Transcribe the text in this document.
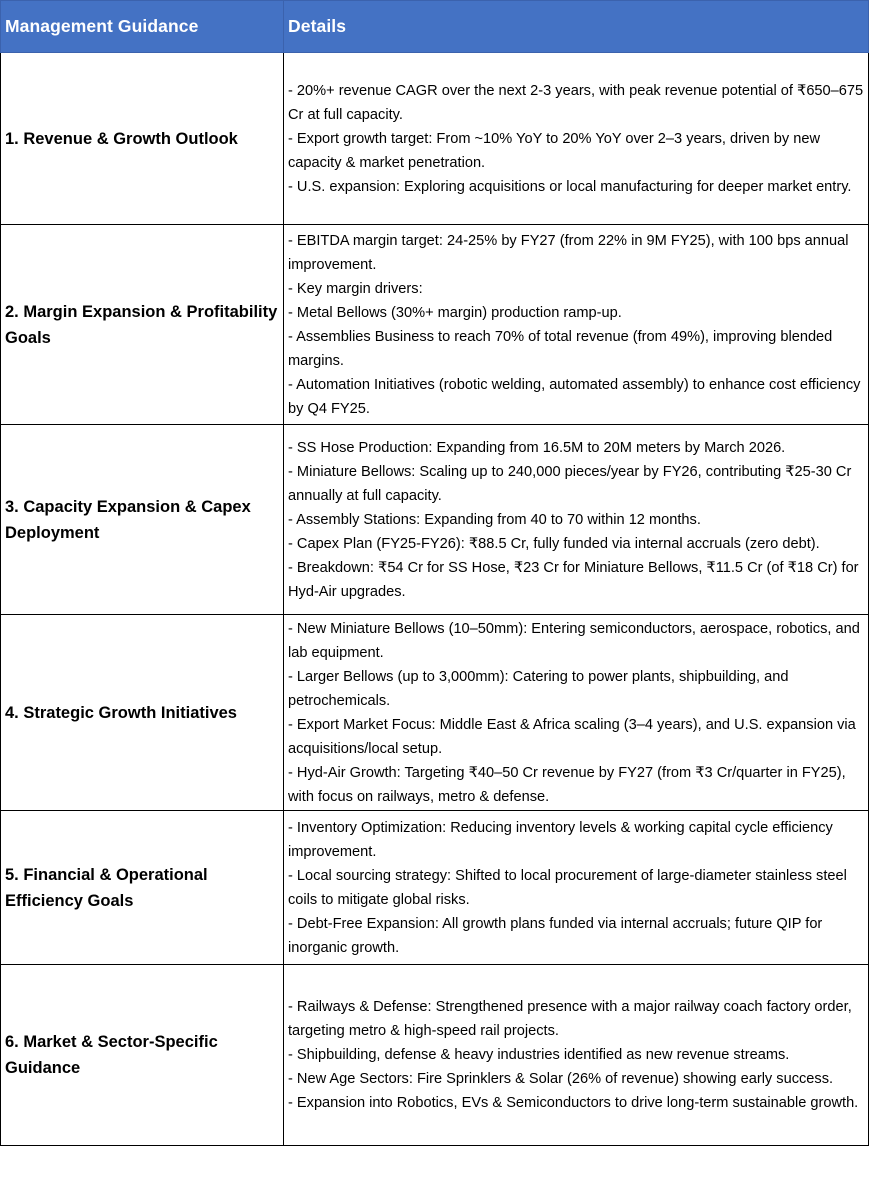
Management Guidance	Details
1. Revenue & Growth Outlook	- 20%+ revenue CAGR over the next 2-3 years, with peak revenue potential of ₹650–675 Cr at full capacity.
- Export growth target: From ~10% YoY to 20% YoY over 2–3 years, driven by new capacity & market penetration.
- U.S. expansion: Exploring acquisitions or local manufacturing for deeper market entry.

2. Margin Expansion & Profitability Goals	- EBITDA margin target: 24-25% by FY27 (from 22% in 9M FY25), with 100 bps annual improvement.
- Key margin drivers:
- Metal Bellows (30%+ margin) production ramp-up.
- Assemblies Business to reach 70% of total revenue (from 49%), improving blended margins.
- Automation Initiatives (robotic welding, automated assembly) to enhance cost efficiency by Q4 FY25.

3. Capacity Expansion & Capex Deployment	- SS Hose Production: Expanding from 16.5M to 20M meters by March 2026.
- Miniature Bellows: Scaling up to 240,000 pieces/year by FY26, contributing ₹25-30 Cr annually at full capacity.
- Assembly Stations: Expanding from 40 to 70 within 12 months.
- Capex Plan (FY25-FY26): ₹88.5 Cr, fully funded via internal accruals (zero debt).
- Breakdown: ₹54 Cr for SS Hose, ₹23 Cr for Miniature Bellows, ₹11.5 Cr (of ₹18 Cr) for Hyd-Air upgrades.

4. Strategic Growth Initiatives	- New Miniature Bellows (10–50mm): Entering semiconductors, aerospace, robotics, and lab equipment.
- Larger Bellows (up to 3,000mm): Catering to power plants, shipbuilding, and petrochemicals.
- Export Market Focus: Middle East & Africa scaling (3–4 years), and U.S. expansion via acquisitions/local setup.
- Hyd-Air Growth: Targeting ₹40–50 Cr revenue by FY27 (from ₹3 Cr/quarter in FY25), with focus on railways, metro & defense.

5. Financial & Operational Efficiency Goals	- Inventory Optimization: Reducing inventory levels & working capital cycle efficiency improvement.
- Local sourcing strategy: Shifted to local procurement of large-diameter stainless steel coils to mitigate global risks.
- Debt-Free Expansion: All growth plans funded via internal accruals; future QIP for inorganic growth.

6. Market & Sector-Specific Guidance	- Railways & Defense: Strengthened presence with a major railway coach factory order, targeting metro & high-speed rail projects.
- Shipbuilding, defense & heavy industries identified as new revenue streams.
- New Age Sectors: Fire Sprinklers & Solar (26% of revenue) showing early success.
- Expansion into Robotics, EVs & Semiconductors to drive long-term sustainable growth.
